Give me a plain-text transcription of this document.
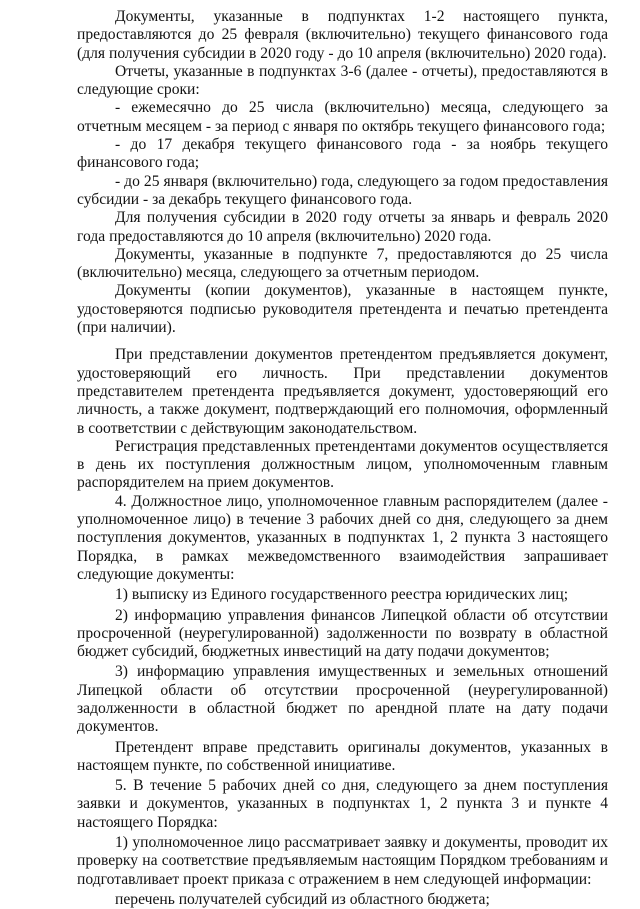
Документы, указанные в подпунктах 1-2 настоящего пункта, предоставляются до 25 февраля (включительно) текущего финансового года (для получения субсидии в 2020 году - до 10 апреля (включительно) 2020 года).

Отчеты, указанные в подпунктах 3-6 (далее - отчеты), предоставляются в следующие сроки:

- ежемесячно до 25 числа (включительно) месяца, следующего за отчетным месяцем - за период с января по октябрь текущего финансового года;

- до 17 декабря текущего финансового года - за ноябрь текущего финансового года;

- до 25 января (включительно) года, следующего за годом предоставления субсидии - за декабрь текущего финансового года.

Для получения субсидии в 2020 году отчеты за январь и февраль 2020 года предоставляются до 10 апреля (включительно) 2020 года.

Документы, указанные в подпункте 7, предоставляются до 25 числа (включительно) месяца, следующего за отчетным периодом.

Документы (копии документов), указанные в настоящем пункте, удостоверяются подписью руководителя претендента и печатью претендента (при наличии).

При представлении документов претендентом предъявляется документ, удостоверяющий его личность. При представлении документов представителем претендента предъявляется документ, удостоверяющий его личность, а также документ, подтверждающий его полномочия, оформленный в соответствии с действующим законодательством.

Регистрация представленных претендентами документов осуществляется в день их поступления должностным лицом, уполномоченным главным распорядителем на прием документов.

4. Должностное лицо, уполномоченное главным распорядителем (далее - уполномоченное лицо) в течение 3 рабочих дней со дня, следующего за днем поступления документов, указанных в подпунктах 1, 2 пункта 3 настоящего Порядка, в рамках межведомственного взаимодействия запрашивает следующие документы:

1) выписку из Единого государственного реестра юридических лиц;

2) информацию управления финансов Липецкой области об отсутствии просроченной (неурегулированной) задолженности по возврату в областной бюджет субсидий, бюджетных инвестиций на дату подачи документов;

3) информацию управления имущественных и земельных отношений Липецкой области об отсутствии просроченной (неурегулированной) задолженности в областной бюджет по арендной плате на дату подачи документов.

Претендент вправе представить оригиналы документов, указанных в настоящем пункте, по собственной инициативе.

5. В течение 5 рабочих дней со дня, следующего за днем поступления заявки и документов, указанных в подпунктах 1, 2 пункта 3 и пункте 4 настоящего Порядка:

1) уполномоченное лицо рассматривает заявку и документы, проводит их проверку на соответствие предъявляемым настоящим Порядком требованиям и подготавливает проект приказа с отражением в нем следующей информации:

перечень получателей субсидий из областного бюджета;
